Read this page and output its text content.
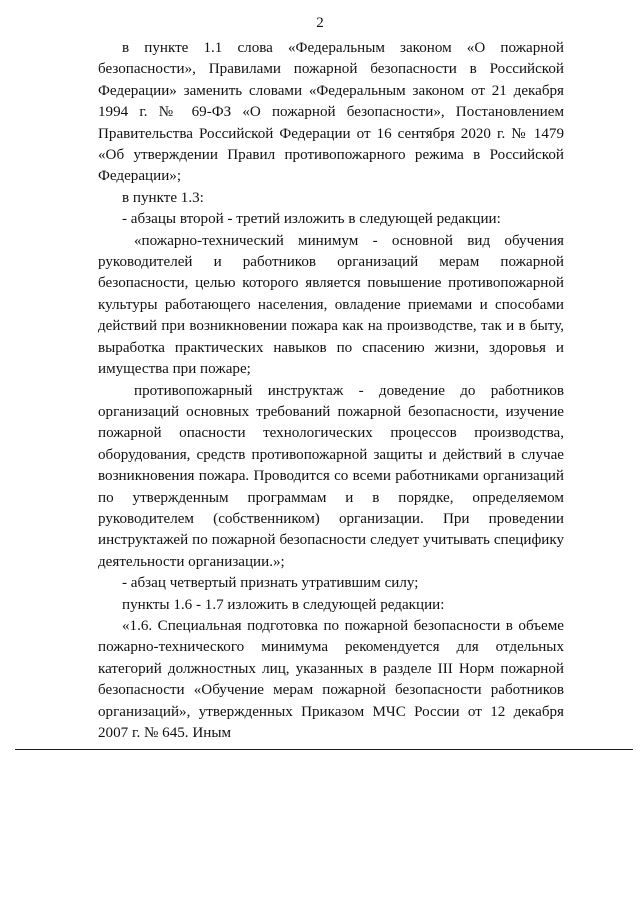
2

в пункте 1.1 слова «Федеральным законом «О пожарной безопасности», Правилами пожарной безопасности в Российской Федерации» заменить словами «Федеральным законом от 21 декабря 1994 г. № 69-ФЗ «О пожарной безопасности», Постановлением Правительства Российской Федерации от 16 сентября 2020 г. № 1479 «Об утверждении Правил противопожарного режима в Российской Федерации»;

в пункте 1.3:

- абзацы второй - третий изложить в следующей редакции:

«пожарно-технический минимум - основной вид обучения руководителей и работников организаций мерам пожарной безопасности, целью которого является повышение противопожарной культуры работающего населения, овладение приемами и способами действий при возникновении пожара как на производстве, так и в быту, выработка практических навыков по спасению жизни, здоровья и имущества при пожаре;

противопожарный инструктаж - доведение до работников организаций основных требований пожарной безопасности, изучение пожарной опасности технологических процессов производства, оборудования, средств противопожарной защиты и действий в случае возникновения пожара. Проводится со всеми работниками организаций по утвержденным программам и в порядке, определяемом руководителем (собственником) организации. При проведении инструктажей по пожарной безопасности следует учитывать специфику деятельности организации.»;

- абзац четвертый признать утратившим силу;

пункты 1.6 - 1.7 изложить в следующей редакции:

«1.6. Специальная подготовка по пожарной безопасности в объеме пожарно-технического минимума рекомендуется для отдельных категорий должностных лиц, указанных в разделе III Норм пожарной безопасности «Обучение мерам пожарной безопасности работников организаций», утвержденных Приказом МЧС России от 12 декабря 2007 г. № 645. Иным
